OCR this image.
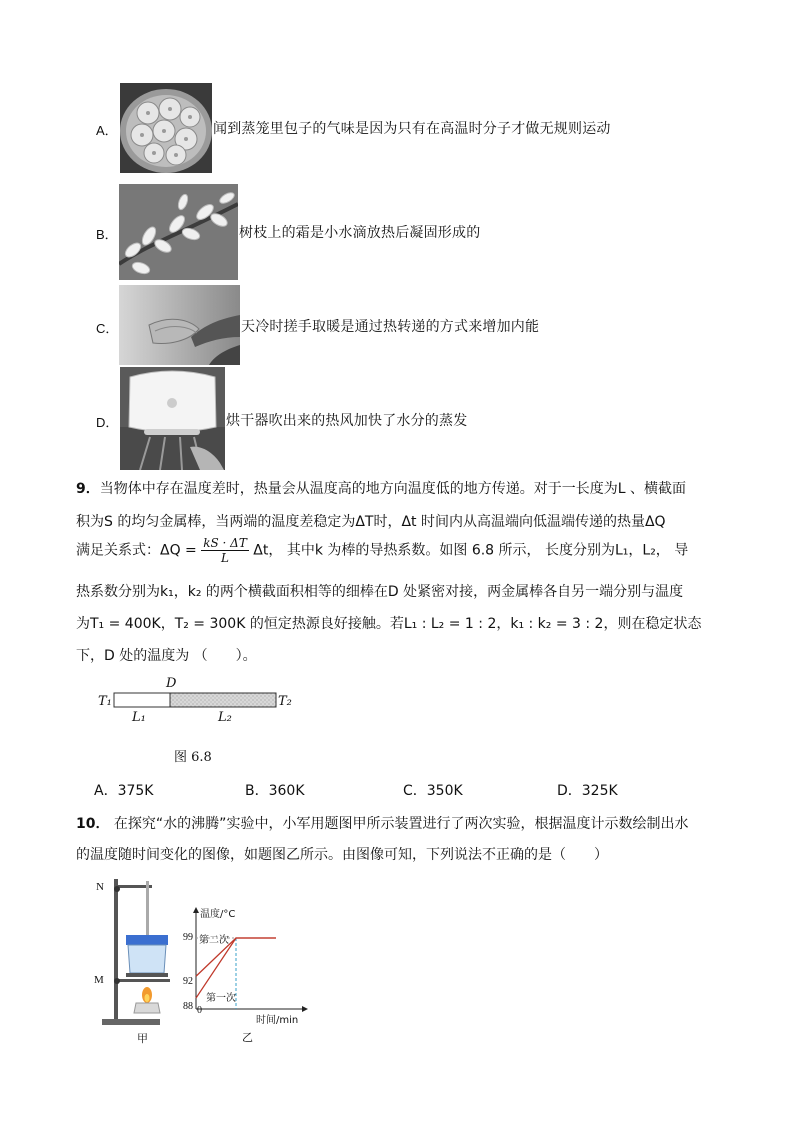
A．	闻到蒸笼里包子的气味是因为只有在高温时分子才做无规则运动
B．	树枝上的霜是小水滴放热后凝固形成的
C．	天冷时搓手取暖是通过热转递的方式来增加内能
D．	烘干器吹出来的热风加快了水分的蒸发
9．当物体中存在温度差时，热量会从温度高的地方向温度低的地方传递。对于一长度为L 、横截面
积为S 的均匀金属棒，当两端的温度差稳定为ΔT时，Δt 时间内从高温端向低温端传递的热量ΔQ
满足关系式：$\Delta Q = \frac{kS \cdot \Delta T}{L}$ Δt， 其中k 为棒的导热系数。如图 6.8 所示， 长度分别为L₁，L₂， 导
热系数分别为k₁，k₂ 的两个横截面积相等的细棒在D 处紧密对接，两金属棒各自另一端分别与温度
为T₁ = 400K，T₂ = 300K 的恒定热源良好接触。若L₁ : L₂ = 1 : 2，k₁ : k₂ = 3 : 2，则在稳定状态
下，D 处的温度为 （　　）。
T₁	T₂
D
L₁	L₂
图 6.8
A．375K	B．360K	C．350K	D．325K
10． 在探究“水的沸腾”实验中，小军用题图甲所示装置进行了两次实验，根据温度计示数绘制出水
的温度随时间变化的图像，如题图乙所示。由图像可知，下列说法不正确的是（　　）
N
M
甲
温度/°C
时间/min
0
99
92
88
第二次
第一次
乙
